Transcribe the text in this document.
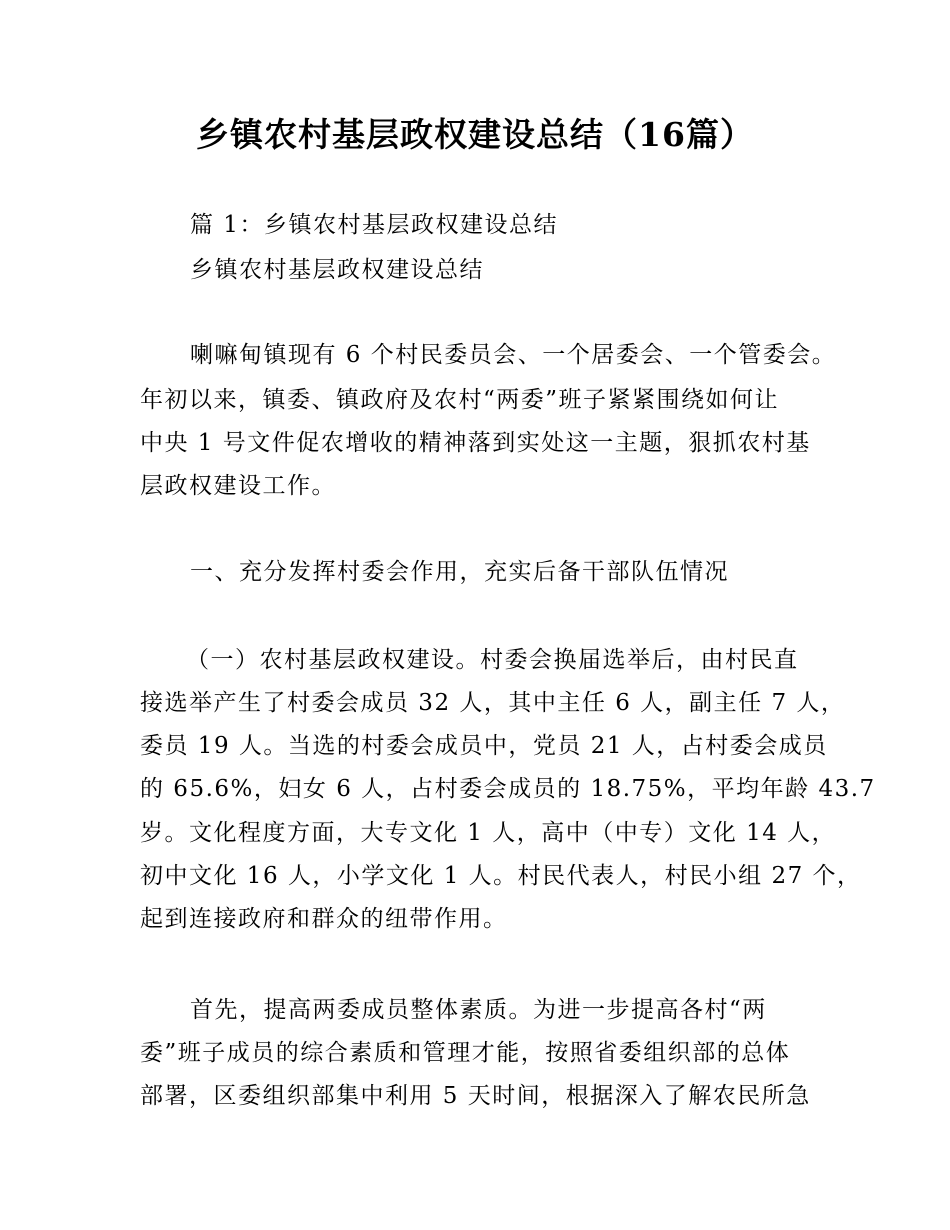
乡镇农村基层政权建设总结（16篇）

篇 1：乡镇农村基层政权建设总结

乡镇农村基层政权建设总结

喇嘛甸镇现有 6 个村民委员会、一个居委会、一个管委会。

年初以来，镇委、镇政府及农村“两委”班子紧紧围绕如何让

中央 1 号文件促农增收的精神落到实处这一主题，狠抓农村基

层政权建设工作。

一、充分发挥村委会作用，充实后备干部队伍情况

（一）农村基层政权建设。村委会换届选举后，由村民直

接选举产生了村委会成员 32 人，其中主任 6 人，副主任 7 人，

委员 19 人。当选的村委会成员中，党员 21 人，占村委会成员

的 65.6%，妇女 6 人，占村委会成员的 18.75%，平均年龄 43.7

岁。文化程度方面，大专文化 1 人，高中（中专）文化 14 人，

初中文化 16 人，小学文化 1 人。村民代表人，村民小组 27 个，

起到连接政府和群众的纽带作用。

首先，提高两委成员整体素质。为进一步提高各村“两

委”班子成员的综合素质和管理才能，按照省委组织部的总体

部署，区委组织部集中利用 5 天时间，根据深入了解农民所急
